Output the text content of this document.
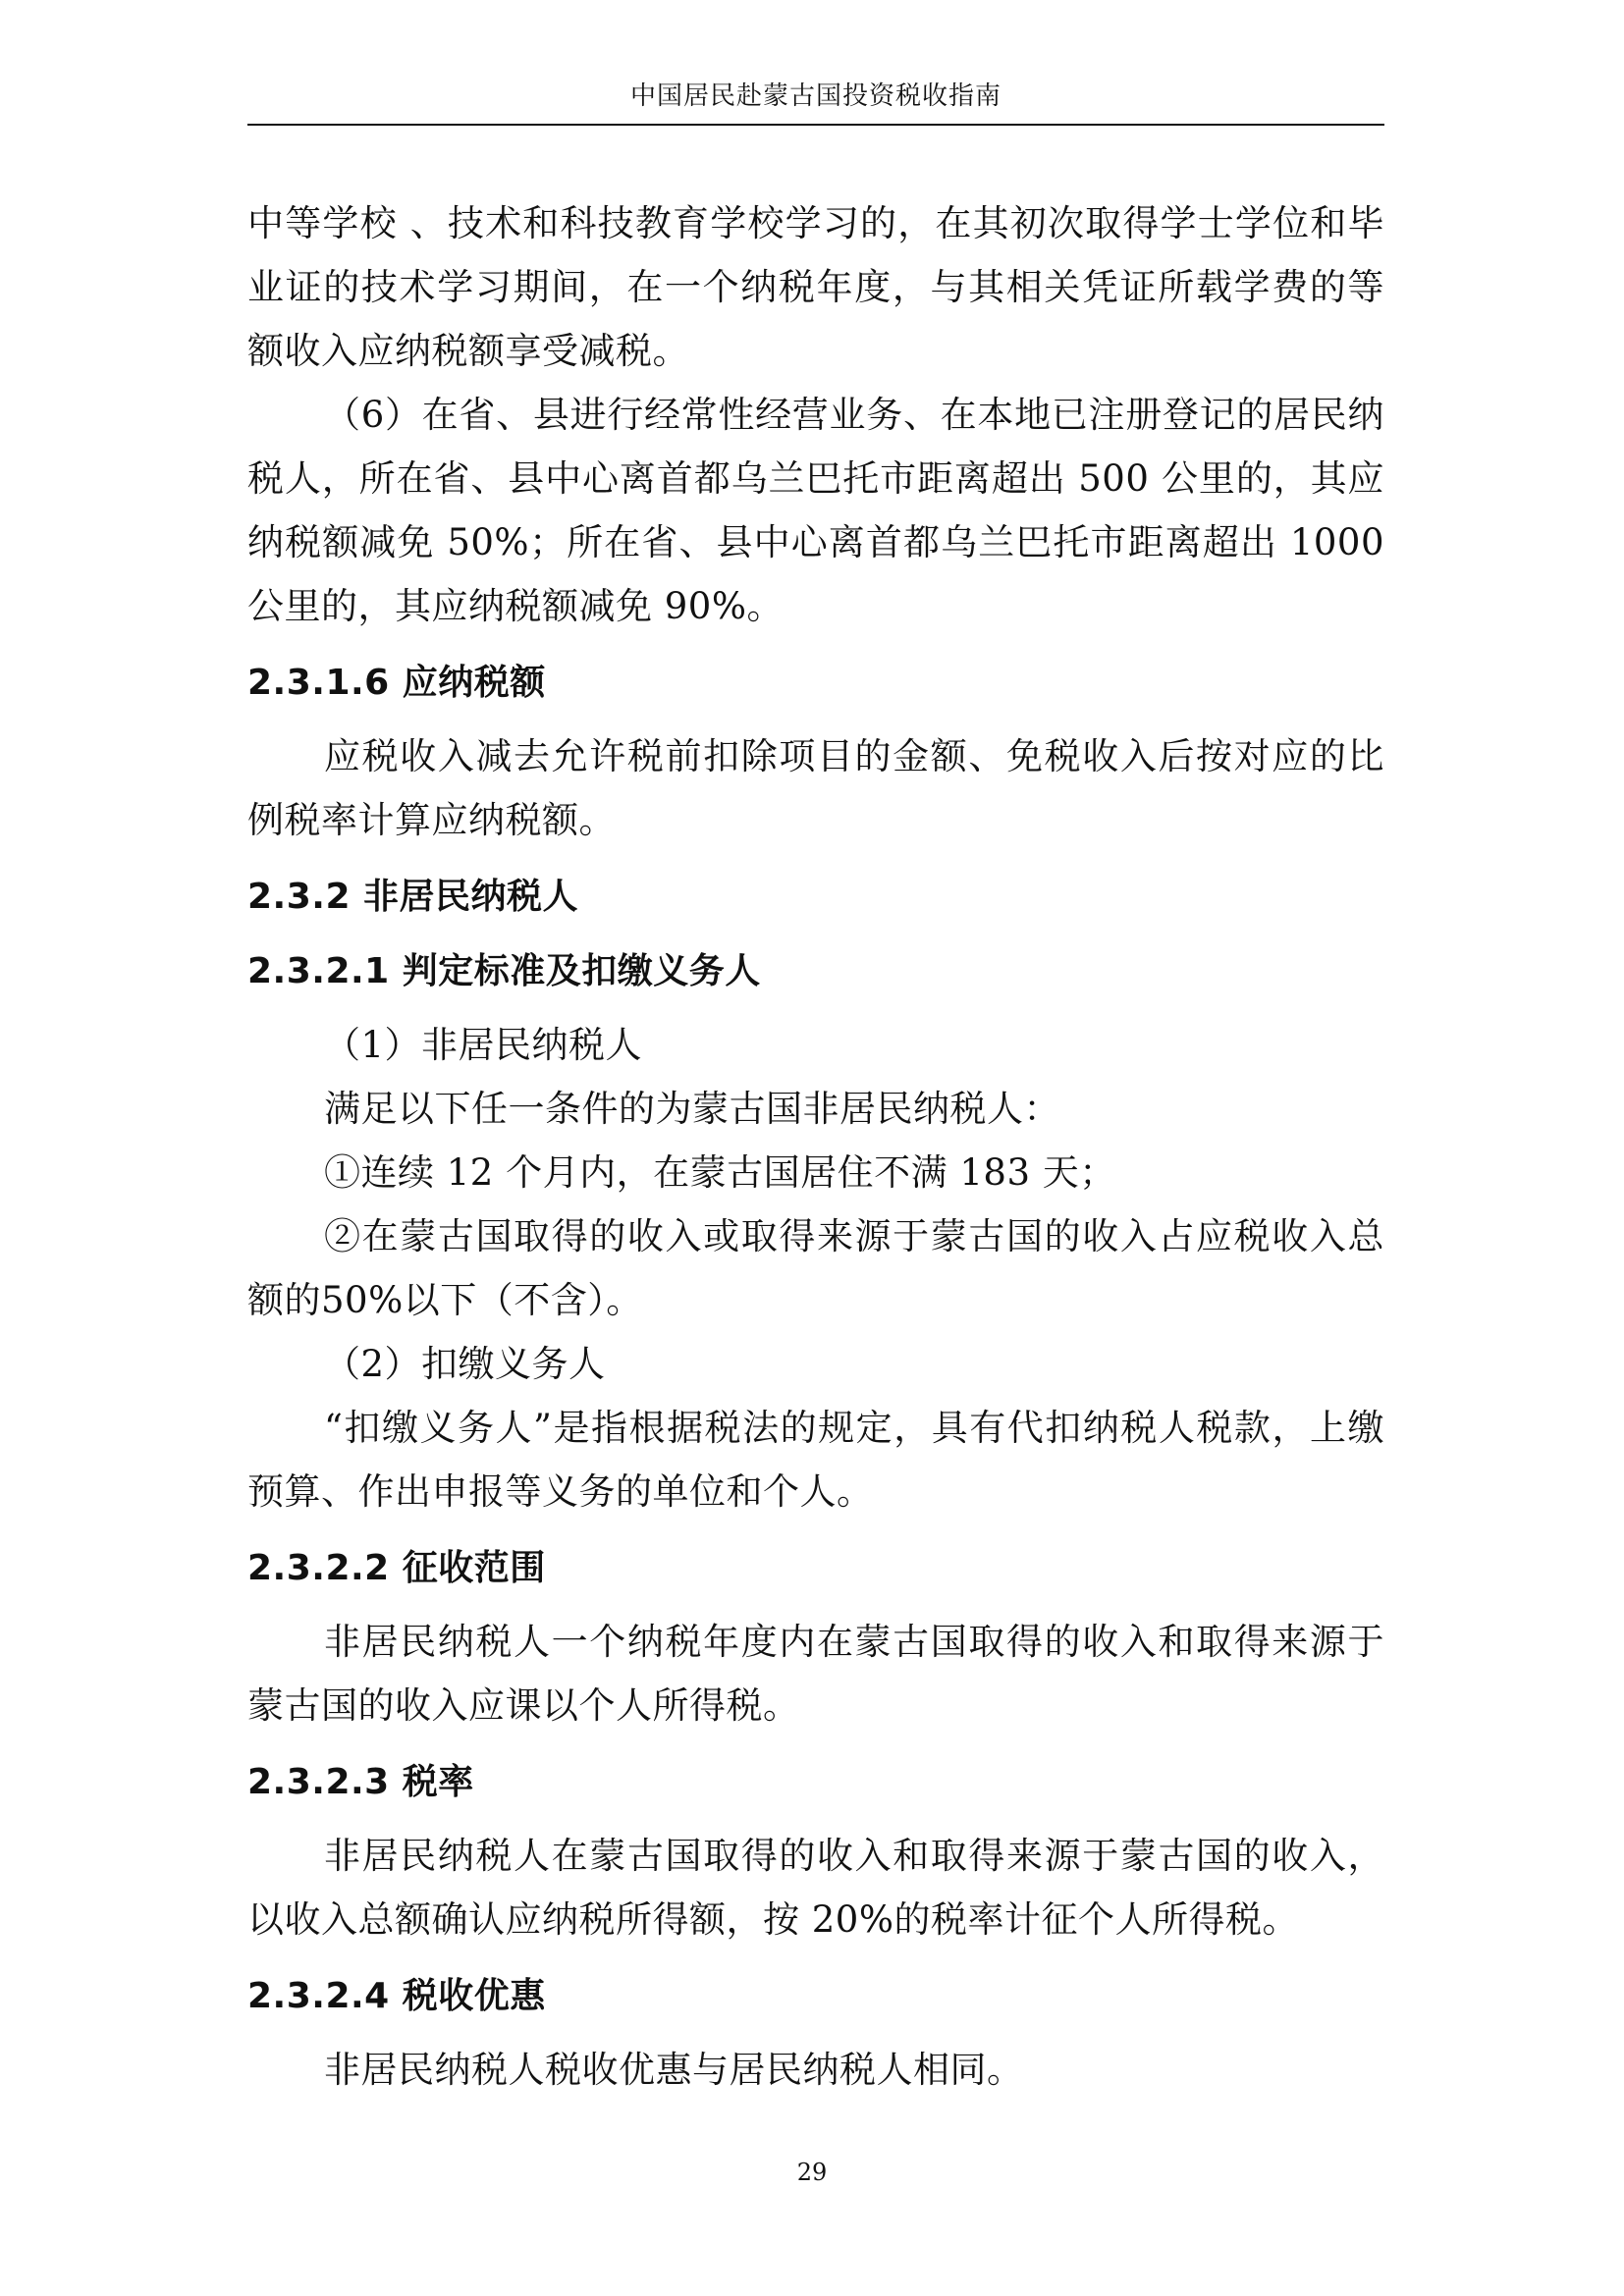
中国居民赴蒙古国投资税收指南

中等学校 、技术和科技教育学校学习的，在其初次取得学士学位和毕业证的技术学习期间，在一个纳税年度，与其相关凭证所载学费的等额收入应纳税额享受减税。

（6）在省、县进行经常性经营业务、在本地已注册登记的居民纳税人，所在省、县中心离首都乌兰巴托市距离超出 500 公里的，其应纳税额减免 50%；所在省、县中心离首都乌兰巴托市距离超出 1000 公里的，其应纳税额减免 90%。

2.3.1.6 应纳税额

应税收入减去允许税前扣除项目的金额、免税收入后按对应的比例税率计算应纳税额。

2.3.2 非居民纳税人
2.3.2.1 判定标准及扣缴义务人

（1）非居民纳税人

满足以下任一条件的为蒙古国非居民纳税人：

①连续 12 个月内，在蒙古国居住不满 183 天；

②在蒙古国取得的收入或取得来源于蒙古国的收入占应税收入总额的50%以下（不含）。

（2）扣缴义务人

“扣缴义务人”是指根据税法的规定，具有代扣纳税人税款，上缴预算、作出申报等义务的单位和个人。

2.3.2.2 征收范围

非居民纳税人一个纳税年度内在蒙古国取得的收入和取得来源于蒙古国的收入应课以个人所得税。

2.3.2.3 税率

非居民纳税人在蒙古国取得的收入和取得来源于蒙古国的收入，以收入总额确认应纳税所得额，按 20%的税率计征个人所得税。

2.3.2.4 税收优惠

非居民纳税人税收优惠与居民纳税人相同。

29
